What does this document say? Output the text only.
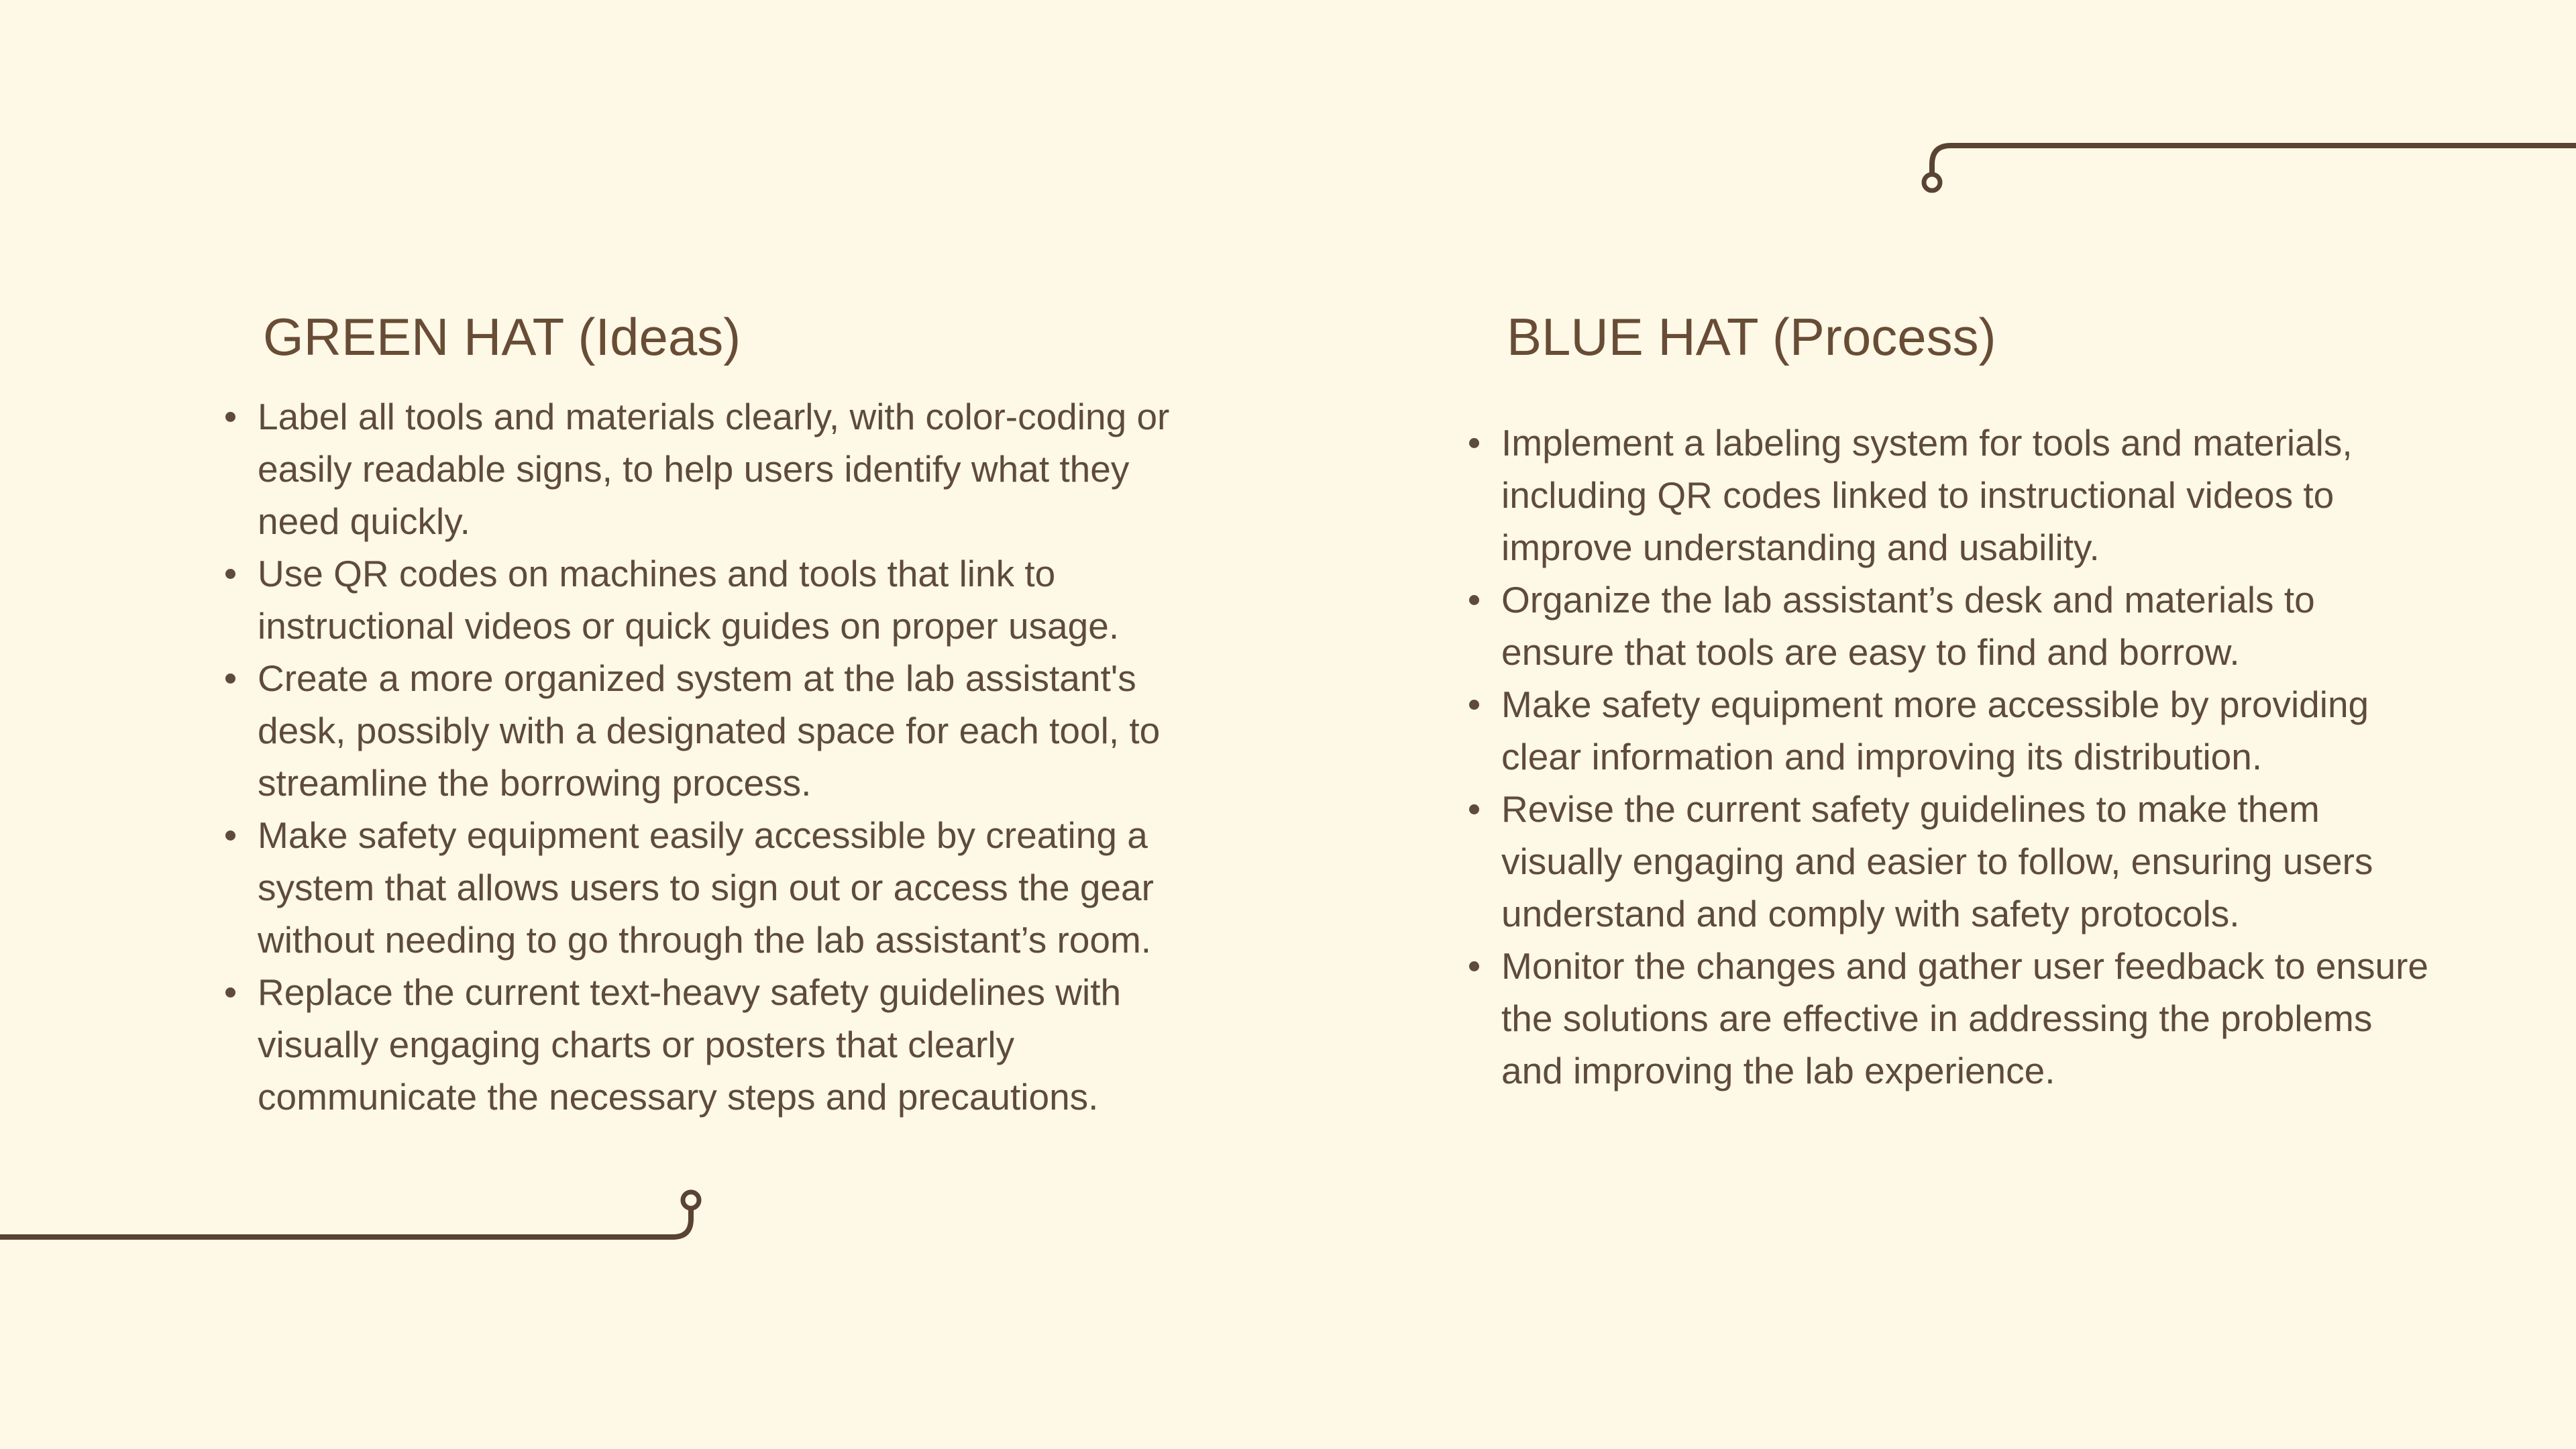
GREEN HAT (Ideas)
Label all tools and materials clearly, with color-coding or easily readable signs, to help users identify what they need quickly.
Use QR codes on machines and tools that link to instructional videos or quick guides on proper usage.
Create a more organized system at the lab assistant's desk, possibly with a designated space for each tool, to streamline the borrowing process.
Make safety equipment easily accessible by creating a system that allows users to sign out or access the gear without needing to go through the lab assistant’s room.
Replace the current text-heavy safety guidelines with visually engaging charts or posters that clearly communicate the necessary steps and precautions.
BLUE HAT (Process)
Implement a labeling system for tools and materials, including QR codes linked to instructional videos to improve understanding and usability.
Organize the lab assistant’s desk and materials to ensure that tools are easy to find and borrow.
Make safety equipment more accessible by providing clear information and improving its distribution.
Revise the current safety guidelines to make them visually engaging and easier to follow, ensuring users understand and comply with safety protocols.
Monitor the changes and gather user feedback to ensure the solutions are effective in addressing the problems and improving the lab experience.
